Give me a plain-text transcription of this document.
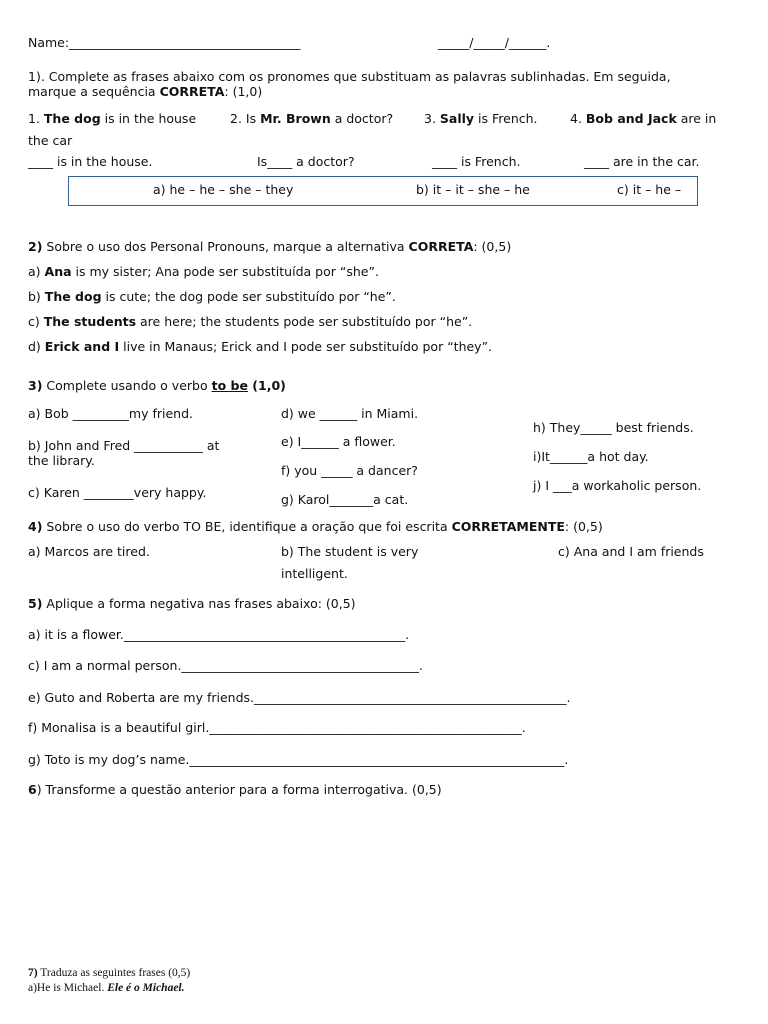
Name:_____________________________________	_____/_____/______.
1). Complete as frases abaixo com os pronomes que substituam as palavras sublinhadas. Em seguida,
marque a sequência CORRETA: (1,0)
1. The dog is in the house	2. Is Mr. Brown a doctor? 3. Sally is French.	4. Bob and Jack are in
the car
____ is in the house.	Is____ a doctor?	____ is French.	____ are in the car.
a) he – he – she – they	b) it – it – she – he	c) it – he –
2) Sobre o uso dos Personal Pronouns, marque a alternativa CORRETA: (0,5)
a) Ana is my sister; Ana pode ser substituída por “she”.
b) The dog is cute; the dog pode ser substituído por “he”.
c) The students are here; the students pode ser substituído por “he”.
d) Erick and I live in Manaus; Erick and I pode ser substituído por “they”.
3) Complete usando o verbo to be (1,0)
a) Bob _________my friend.
b) John and Fred ___________ at
the library.
c) Karen ________very happy.
d) we ______ in Miami.
e) I______ a flower.
f) you _____ a dancer?
g) Karol_______a cat.
h) They_____ best friends.
i)It______a hot day.
j) I ___a workaholic person.
4) Sobre o uso do verbo TO BE, identifique a oração que foi escrita CORRETAMENTE: (0,5)
a) Marcos are tired.	b) The student is very
intelligent.
c) Ana and I am friends
5) Aplique a forma negativa nas frases abaixo: (0,5)
a) it is a flower._____________________________________________.
c) I am a normal person.______________________________________.
e) Guto and Roberta are my friends.__________________________________________________.
f) Monalisa is a beautiful girl.__________________________________________________.
g) Toto is my dog’s name.____________________________________________________________.
6) Transforme a questão anterior para a forma interrogativa. (0,5)
7) Traduza as seguintes frases (0,5)
a)He is Michael. Ele é o Michael.
